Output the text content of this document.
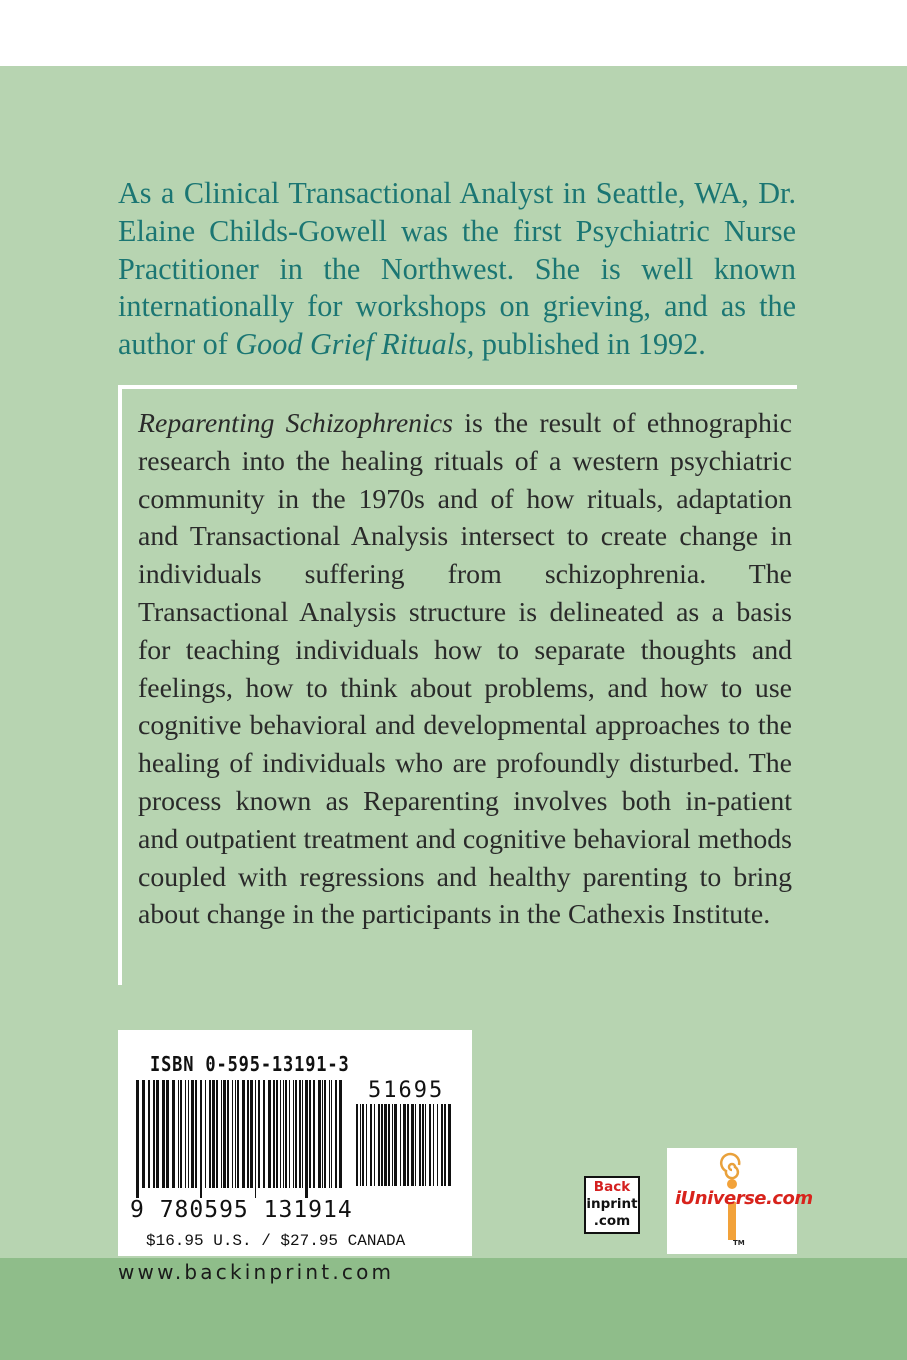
As a Clinical Transactional Analyst in Seattle, WA, Dr. Elaine Childs-Gowell was the first Psychiatric Nurse Practitioner in the Northwest. She is well known internationally for workshops on grieving, and as the author of Good Grief Rituals, published in 1992.

Reparenting Schizophrenics is the result of ethnographic research into the healing rituals of a western psychiatric community in the 1970s and of how rituals, adaptation and Transactional Analysis intersect to create change in individuals suffering from schizophrenia. The Transactional Analysis structure is delineated as a basis for teaching individuals how to separate thoughts and feelings, how to think about problems, and how to use cognitive behavioral and developmental approaches to the healing of individuals who are profoundly disturbed. The process known as Reparenting involves both in-patient and outpatient treatment and cognitive behavioral methods coupled with regressions and healthy parenting to bring about change in the participants in the Cathexis Institute.

ISBN 0-595-13191-3
51695
9 780595 131914
$16.95 U.S. / $27.95 CANADA
Back
inprint
.com
TM
iUniverse.com
www.backinprint.com
